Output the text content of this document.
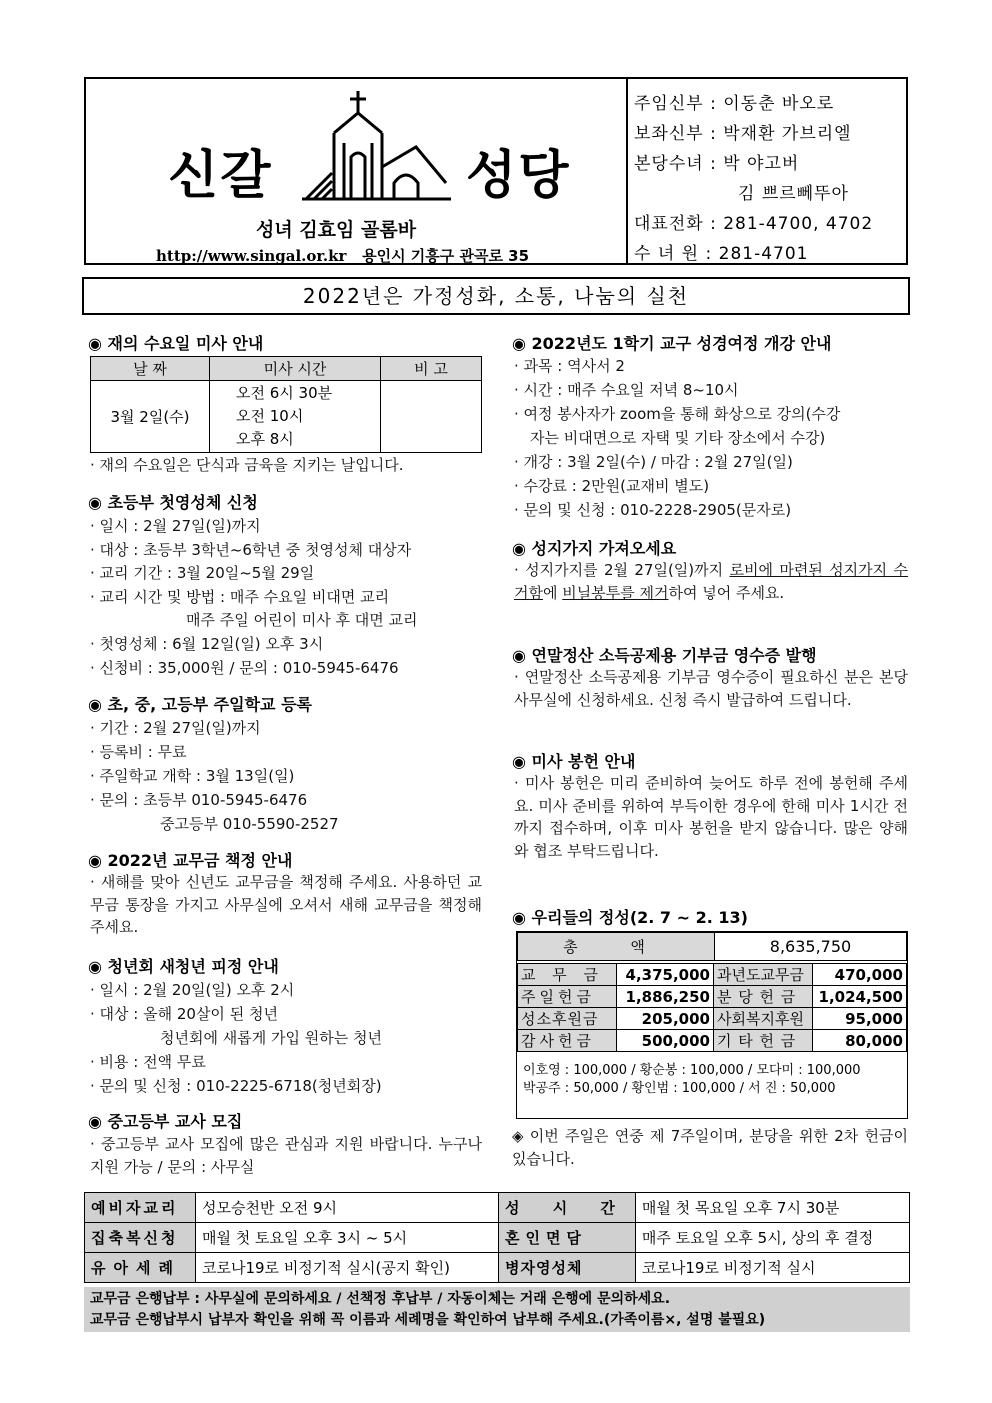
신갈	성당
성녀 김효임 골롬바
http://www.singal.or.kr 용인시 기흥구 관곡로 35
주임신부 : 이동춘 바오로
보좌신부 : 박재환 가브리엘
본당수녀 : 박 야고버
김 쁘르뻬뚜아
대표전화 : 281-4700, 4702
수 녀 원 : 281-4701
2022년은 가정성화, 소통, 나눔의 실천
◉ 재의 수요일 미사 안내
날 짜	미사 시간	비 고
3월 2일(수)	오전 6시 30분
오전 10시
오후 8시	

· 재의 수요일은 단식과 금육을 지키는 날입니다.
◉ 초등부 첫영성체 신청
· 일시 : 2월 27일(일)까지
· 대상 : 초등부 3학년~6학년 중 첫영성체 대상자
· 교리 기간 : 3월 20일~5월 29일
· 교리 시간 및 방법 : 매주 수요일 비대면 교리
매주 주일 어린이 미사 후 대면 교리
· 첫영성체 : 6월 12일(일) 오후 3시
· 신청비 : 35,000원 / 문의 : 010-5945-6476
◉ 초, 중, 고등부 주일학교 등록
· 기간 : 2월 27일(일)까지
· 등록비 : 무료
· 주일학교 개학 : 3월 13일(일)
· 문의 : 초등부 010-5945-6476
중고등부 010-5590-2527
◉ 2022년 교무금 책정 안내
· 새해를 맞아 신년도 교무금을 책정해 주세요. 사용하던 교무금 통장을 가지고 사무실에 오셔서 새해 교무금을 책정해 주세요.
◉ 청년회 새청년 피정 안내
· 일시 : 2월 20일(일) 오후 2시
· 대상 : 올해 20살이 된 청년
청년회에 새롭게 가입 원하는 청년
· 비용 : 전액 무료
· 문의 및 신청 : 010-2225-6718(청년회장)
◉ 중고등부 교사 모집
· 중고등부 교사 모집에 많은 관심과 지원 바랍니다. 누구나 지원 가능 / 문의 : 사무실
◉ 2022년도 1학기 교구 성경여정 개강 안내
· 과목 : 역사서 2
· 시간 : 매주 수요일 저녁 8~10시
· 여정 봉사자가 zoom을 통해 화상으로 강의(수강
자는 비대면으로 자택 및 기타 장소에서 수강)
· 개강 : 3월 2일(수) / 마감 : 2월 27일(일)
· 수강료 : 2만원(교재비 별도)
· 문의 및 신청 : 010-2228-2905(문자로)
◉ 성지가지 가져오세요
· 성지가지를 2월 27일(일)까지 로비에 마련된 성지가지 수거함에 비닐봉투를 제거하여 넣어 주세요.
◉ 연말정산 소득공제용 기부금 영수증 발행
· 연말정산 소득공제용 기부금 영수증이 필요하신 분은 본당사무실에 신청하세요. 신청 즉시 발급하여 드립니다.
◉ 미사 봉헌 안내
· 미사 봉헌은 미리 준비하여 늦어도 하루 전에 봉헌해 주세요. 미사 준비를 위하여 부득이한 경우에 한해 미사 1시간 전까지 접수하며, 이후 미사 봉헌을 받지 않습니다. 많은 양해와 협조 부탁드립니다.
◉ 우리들의 정성(2. 7 ~ 2. 13)
총 액	8,635,750
교 무 금	4,375,000	과년도교무금	470,000
주일헌금	1,886,250	분 당 헌 금	1,024,500
성소후원금	205,000	사회복지후원	95,000
감사헌금	500,000	기 타 헌 금	80,000
이호영 : 100,000 / 황순봉 : 100,000 / 모다미 : 100,000
박공주 : 50,000 / 황인범 : 100,000 / 서 진 : 50,000
◈ 이번 주일은 연중 제 7주일이며, 분당을 위한 2차 헌금이 있습니다.
예비자교리	성모승천반 오전 9시	성 시 간	매월 첫 목요일 오후 7시 30분
집축복신청	매월 첫 토요일 오후 3시 ~ 5시	혼인면담	매주 토요일 오후 5시, 상의 후 결정
유아세례	코로나19로 비정기적 실시(공지 확인)	병자영성체	코로나19로 비정기적 실시
교무금 은행납부 : 사무실에 문의하세요 / 선책정 후납부 / 자동이체는 거래 은행에 문의하세요.
교무금 은행납부시 납부자 확인을 위해 꼭 이름과 세례명을 확인하여 납부해 주세요.(가족이름×, 설명 불필요)
